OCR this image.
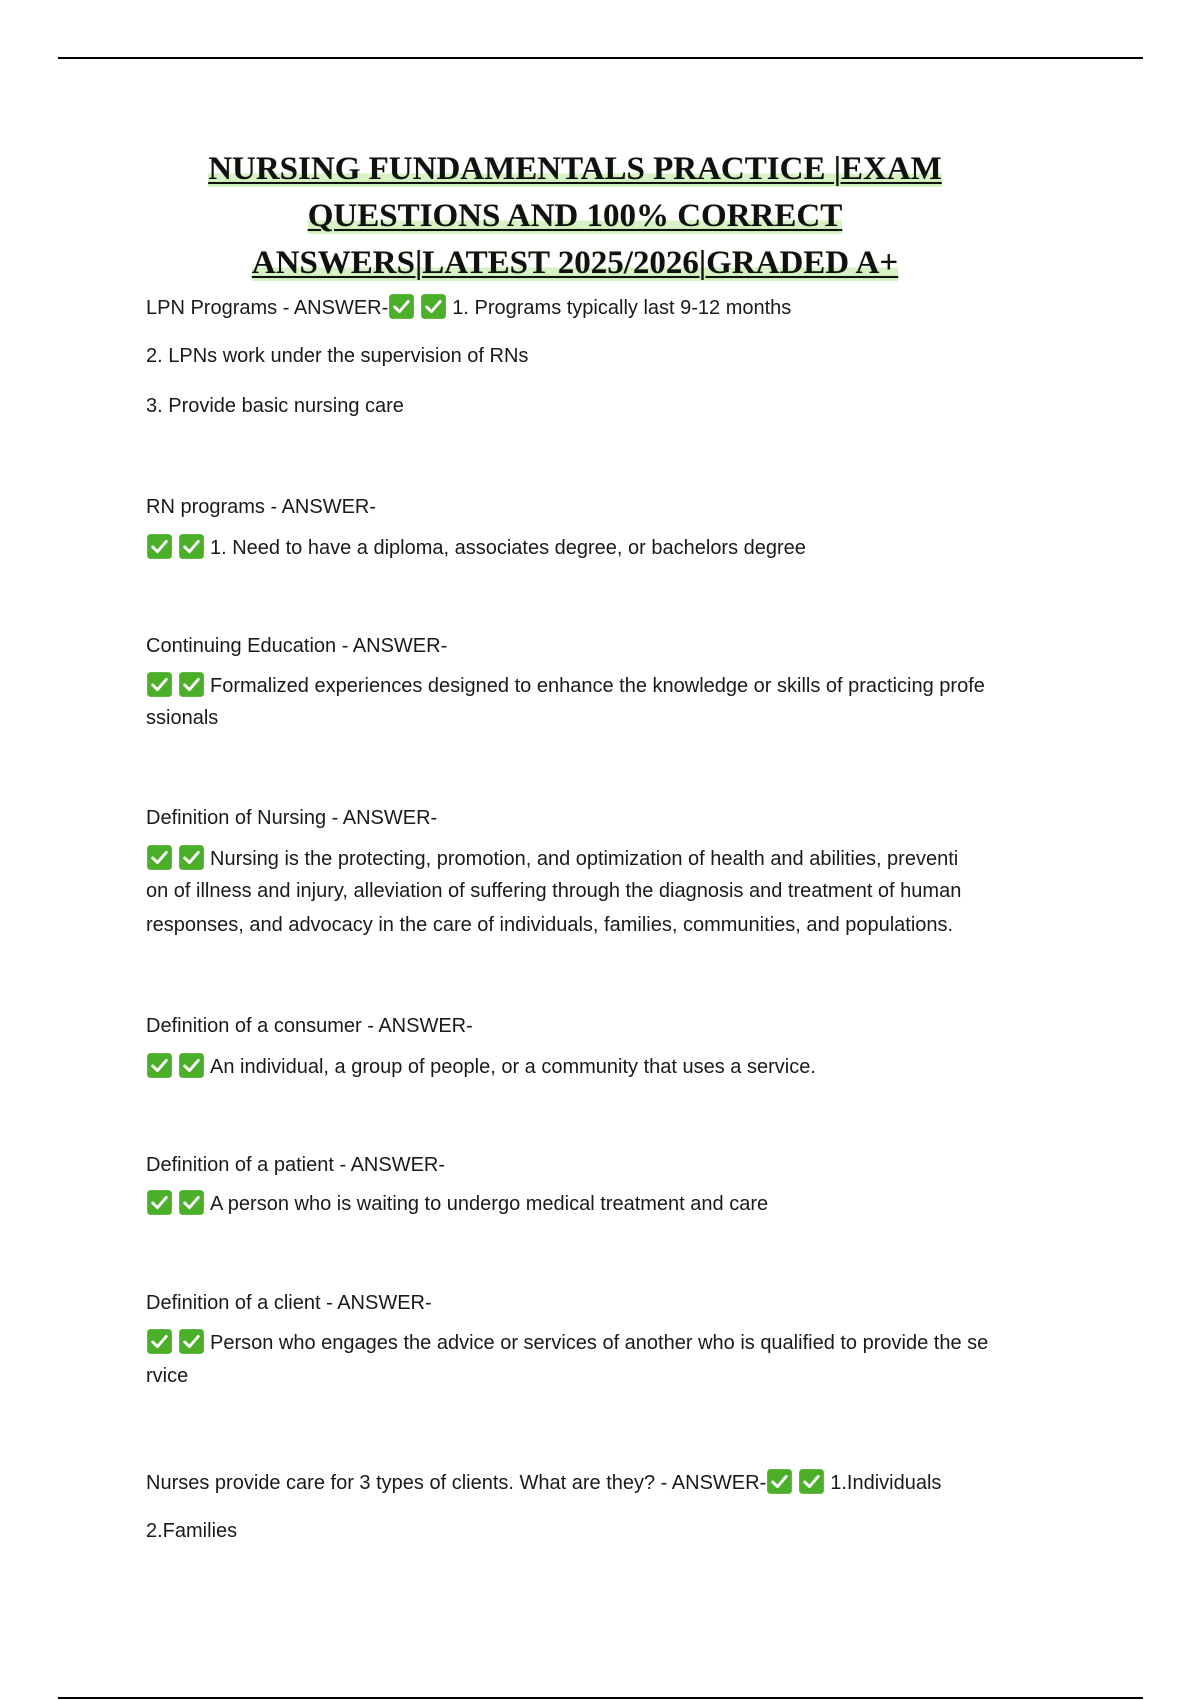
NURSING FUNDAMENTALS PRACTICE |EXAM
QUESTIONS AND 100% CORRECT
ANSWERS|LATEST 2025/2026|GRADED A+
LPN Programs - ANSWER-	1. Programs typically last 9-12 months
2. LPNs work under the supervision of RNs
3. Provide basic nursing care
RN programs - ANSWER-
1. Need to have a diploma, associates degree, or bachelors degree
Continuing Education - ANSWER-
Formalized experiences designed to enhance the knowledge or skills of practicing profe
ssionals
Definition of Nursing - ANSWER-
Nursing is the protecting, promotion, and optimization of health and abilities, preventi
on of illness and injury, alleviation of suffering through the diagnosis and treatment of human
responses, and advocacy in the care of individuals, families, communities, and populations.
Definition of a consumer - ANSWER-
An individual, a group of people, or a community that uses a service.
Definition of a patient - ANSWER-
A person who is waiting to undergo medical treatment and care
Definition of a client - ANSWER-
Person who engages the advice or services of another who is qualified to provide the se
rvice
Nurses provide care for 3 types of clients. What are they? - ANSWER-	1.Individuals
2.Families
